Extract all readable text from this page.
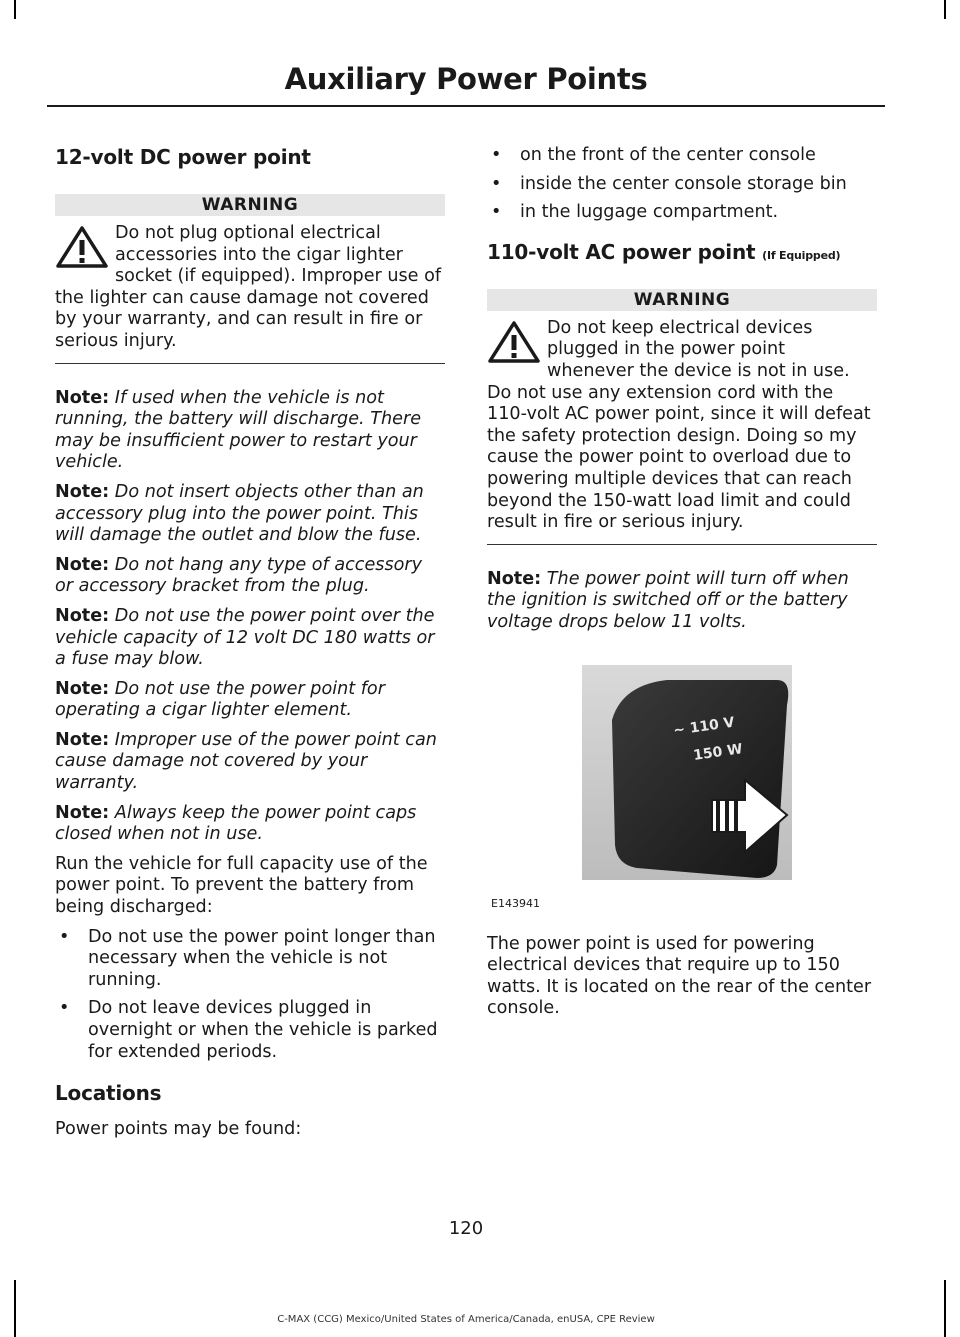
Auxiliary Power Points
12-volt DC power point
WARNING
Do not plug optional electrical accessories into the cigar lighter socket (if equipped). Improper use of the lighter can cause damage not covered by your warranty, and can result in fire or serious injury.

Note: If used when the vehicle is not running, the battery will discharge. There may be insufficient power to restart your vehicle.

Note: Do not insert objects other than an accessory plug into the power point. This will damage the outlet and blow the fuse.

Note: Do not hang any type of accessory or accessory bracket from the plug.

Note: Do not use the power point over the vehicle capacity of 12 volt DC 180 watts or a fuse may blow.

Note: Do not use the power point for operating a cigar lighter element.

Note: Improper use of the power point can cause damage not covered by your warranty.

Note: Always keep the power point caps closed when not in use.

Run the vehicle for full capacity use of the power point. To prevent the battery from being discharged:

• Do not use the power point longer than necessary when the vehicle is not running.
• Do not leave devices plugged in overnight or when the vehicle is parked for extended periods.
Locations

Power points may be found:

• on the front of the center console
• inside the center console storage bin
• in the luggage compartment.
110-volt AC power point (If Equipped)
WARNING
Do not keep electrical devices plugged in the power point whenever the device is not in use. Do not use any extension cord with the 110-volt AC power point, since it will defeat the safety protection design. Doing so my cause the power point to overload due to powering multiple devices that can reach beyond the 150-watt load limit and could result in fire or serious injury.

Note: The power point will turn off when the ignition is switched off or the battery voltage drops below 11 volts.

~ 110 V
150 W
E143941

The power point is used for powering electrical devices that require up to 150 watts. It is located on the rear of the center console.

120
C-MAX (CCG) Mexico/United States of America/Canada, enUSA, CPE Review
